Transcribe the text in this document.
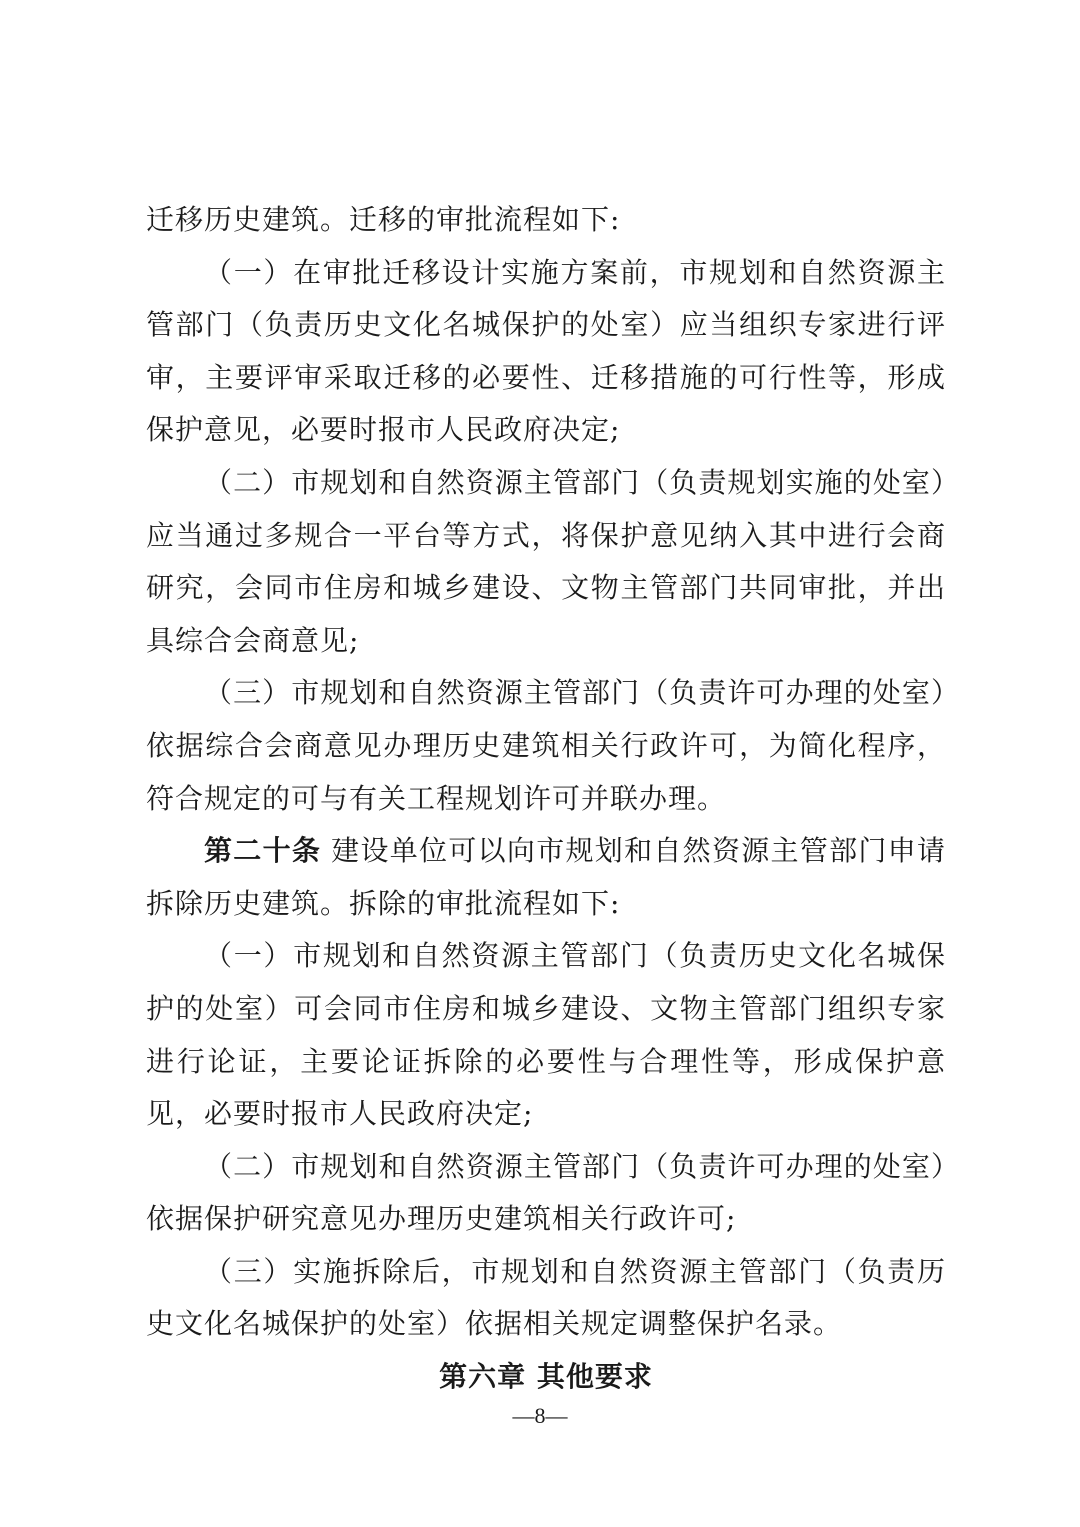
迁移历史建筑。迁移的审批流程如下:

（一）在审批迁移设计实施方案前，市规划和自然资源主管部门（负责历史文化名城保护的处室）应当组织专家进行评审，主要评审采取迁移的必要性、迁移措施的可行性等，形成保护意见，必要时报市人民政府决定;

（二）市规划和自然资源主管部门（负责规划实施的处室）应当通过多规合一平台等方式，将保护意见纳入其中进行会商研究，会同市住房和城乡建设、文物主管部门共同审批，并出具综合会商意见;

（三）市规划和自然资源主管部门（负责许可办理的处室）依据综合会商意见办理历史建筑相关行政许可，为简化程序，符合规定的可与有关工程规划许可并联办理。

第二十条 建设单位可以向市规划和自然资源主管部门申请拆除历史建筑。拆除的审批流程如下:

（一）市规划和自然资源主管部门（负责历史文化名城保护的处室）可会同市住房和城乡建设、文物主管部门组织专家进行论证，主要论证拆除的必要性与合理性等，形成保护意见，必要时报市人民政府决定;

（二）市规划和自然资源主管部门（负责许可办理的处室）依据保护研究意见办理历史建筑相关行政许可;

（三）实施拆除后，市规划和自然资源主管部门（负责历史文化名城保护的处室）依据相关规定调整保护名录。

第六章 其他要求

—8—
